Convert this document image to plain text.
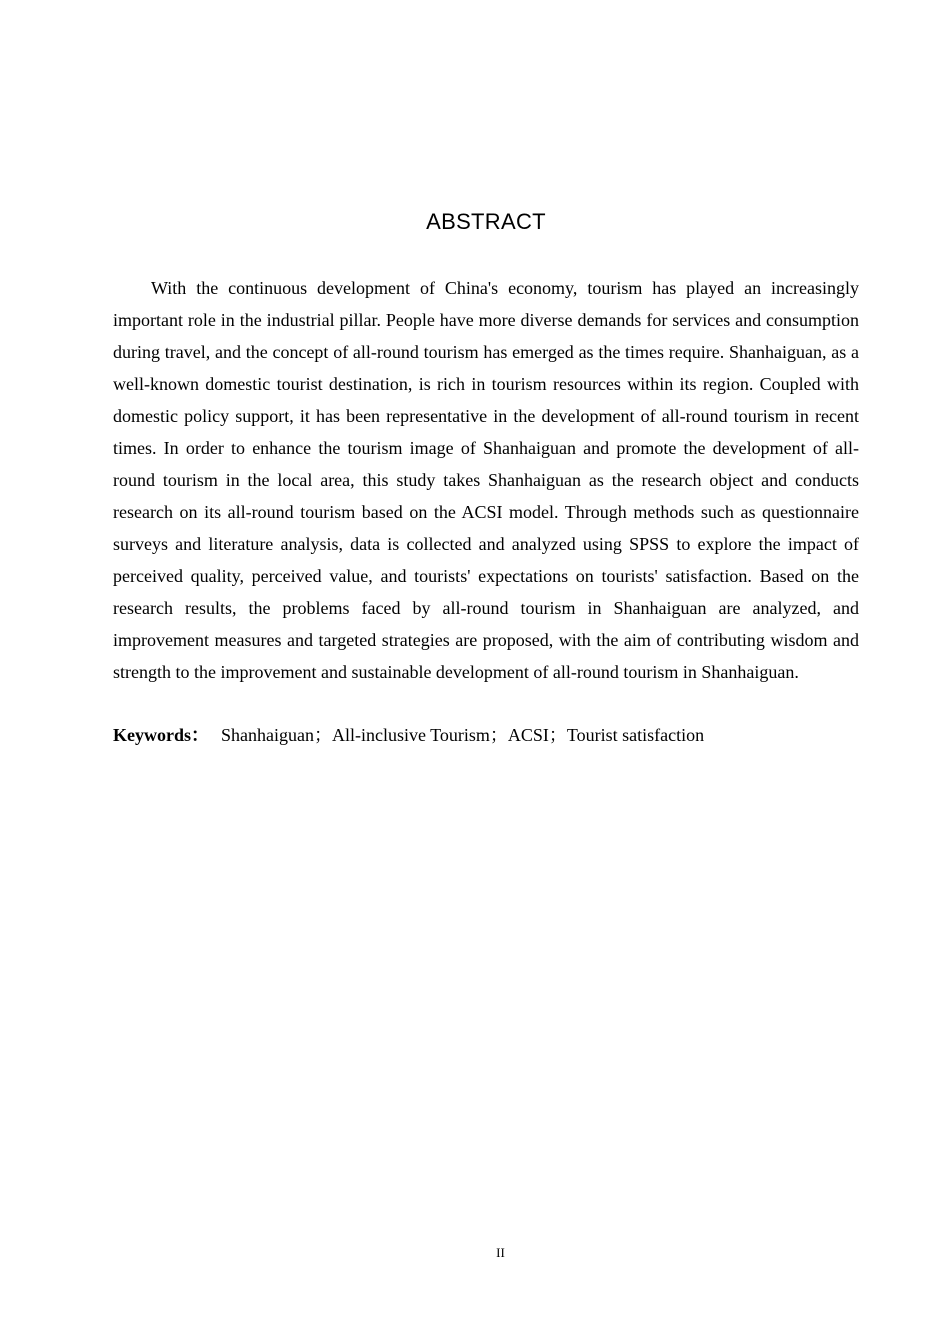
ABSTRACT

With the continuous development of China's economy, tourism has played an increasingly important role in the industrial pillar. People have more diverse demands for services and consumption during travel, and the concept of all-round tourism has emerged as the times require. Shanhaiguan, as a well-known domestic tourist destination, is rich in tourism resources within its region. Coupled with domestic policy support, it has been representative in the development of all-round tourism in recent times. In order to enhance the tourism image of Shanhaiguan and promote the development of all-round tourism in the local area, this study takes Shanhaiguan as the research object and conducts research on its all-round tourism based on the ACSI model. Through methods such as questionnaire surveys and literature analysis, data is collected and analyzed using SPSS to explore the impact of perceived quality, perceived value, and tourists' expectations on tourists' satisfaction. Based on the research results, the problems faced by all-round tourism in Shanhaiguan are analyzed, and improvement measures and targeted strategies are proposed, with the aim of contributing wisdom and strength to the improvement and sustainable development of all-round tourism in Shanhaiguan.

Keywords： Shanhaiguan；All-inclusive Tourism；ACSI；Tourist satisfaction

II
